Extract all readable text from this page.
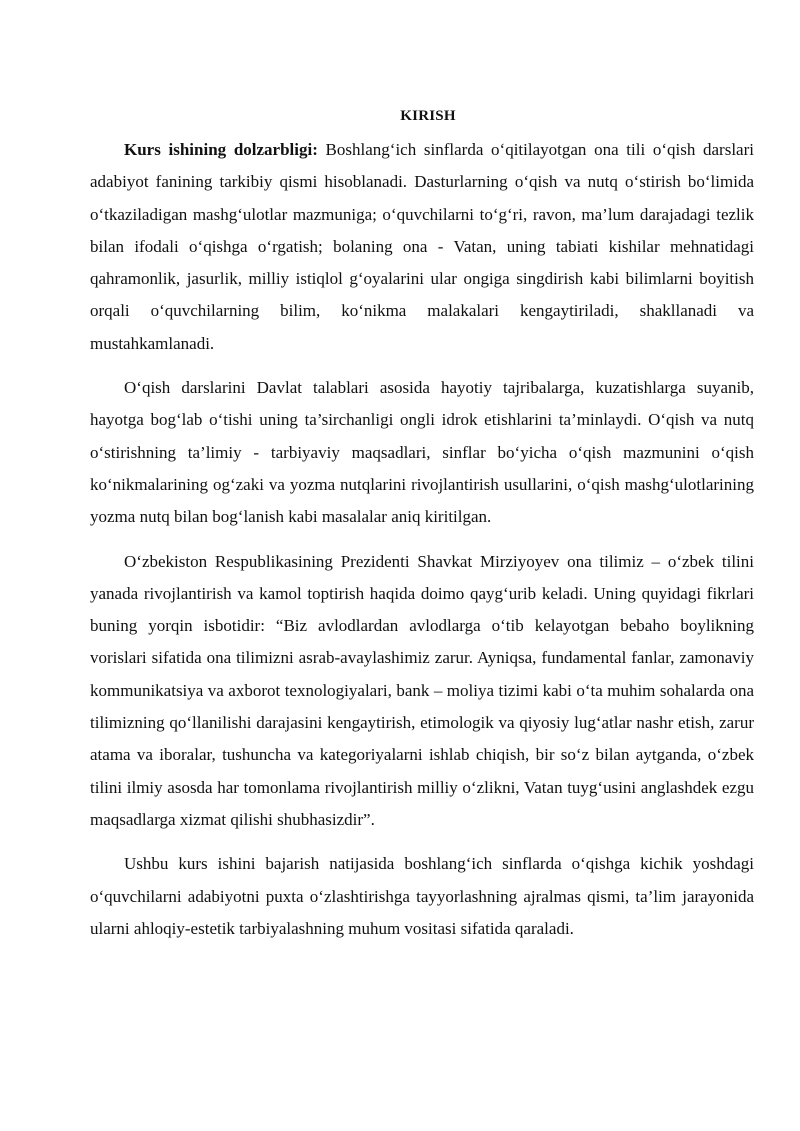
KIRISH

Kurs ishining dolzarbligi: Boshlang‘ich sinflarda o‘qitilayotgan ona tili o‘qish darslari adabiyot fanining tarkibiy qismi hisoblanadi. Dasturlarning o‘qish va nutq o‘stirish bo‘limida o‘tkaziladigan mashg‘ulotlar mazmuniga; o‘quvchilarni to‘g‘ri, ravon, ma’lum darajadagi tezlik bilan ifodali o‘qishga o‘rgatish; bolaning ona - Vatan, uning tabiati kishilar mehnatidagi qahramonlik, jasurlik, milliy istiqlol g‘oyalarini ular ongiga singdirish kabi bilimlarni boyitish orqali o‘quvchilarning bilim, ko‘nikma malakalari kengaytiriladi, shakllanadi va mustahkamlanadi.

O‘qish darslarini Davlat talablari asosida hayotiy tajribalarga, kuzatishlarga suyanib, hayotga bog‘lab o‘tishi uning ta’sirchanligi ongli idrok etishlarini ta’minlaydi. O‘qish va nutq o‘stirishning ta’limiy - tarbiyaviy maqsadlari, sinflar bo‘yicha o‘qish mazmunini o‘qish ko‘nikmalarining og‘zaki va yozma nutqlarini rivojlantirish usullarini, o‘qish mashg‘ulotlarining yozma nutq bilan bog‘lanish kabi masalalar aniq kiritilgan.

O‘zbekiston Respublikasining Prezidenti Shavkat Mirziyoyev ona tilimiz – o‘zbek tilini yanada rivojlantirish va kamol toptirish haqida doimo qayg‘urib keladi. Uning quyidagi fikrlari buning yorqin isbotidir: “Biz avlodlardan avlodlarga o‘tib kelayotgan bebaho boylikning vorislari sifatida ona tilimizni asrab-avaylashimiz zarur. Ayniqsa, fundamental fanlar, zamonaviy kommunikatsiya va axborot texnologiyalari, bank – moliya tizimi kabi o‘ta muhim sohalarda ona tilimizning qo‘llanilishi darajasini kengaytirish, etimologik va qiyosiy lug‘atlar nashr etish, zarur atama va iboralar, tushuncha va kategoriyalarni ishlab chiqish, bir so‘z bilan aytganda, o‘zbek tilini ilmiy asosda har tomonlama rivojlantirish milliy o‘zlikni, Vatan tuyg‘usini anglashdek ezgu maqsadlarga xizmat qilishi shubhasizdir”.

Ushbu kurs ishini bajarish natijasida boshlang‘ich sinflarda o‘qishga kichik yoshdagi o‘quvchilarni adabiyotni puxta o‘zlashtirishga tayyorlashning ajralmas qismi, ta’lim jarayonida ularni ahloqiy-estetik tarbiyalashning muhum vositasi sifatida qaraladi.
